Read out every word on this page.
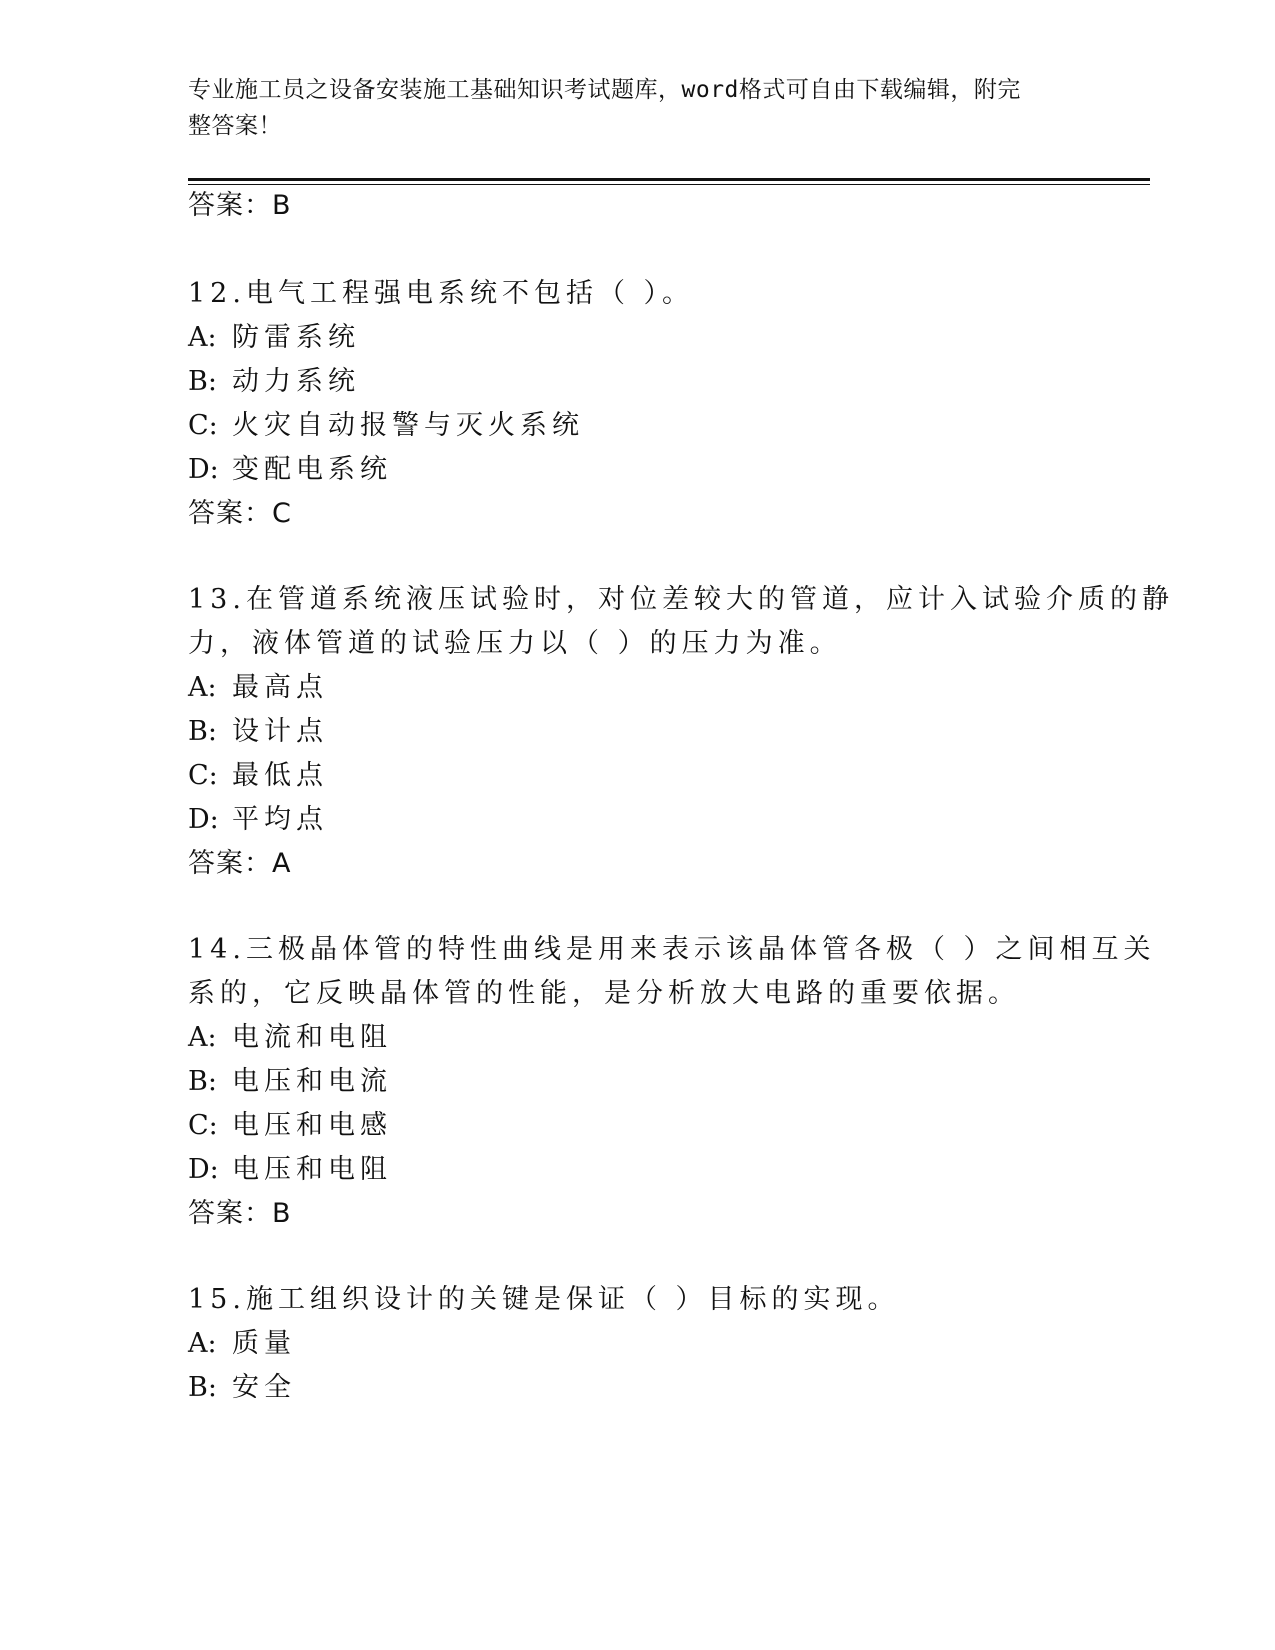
专业施工员之设备安装施工基础知识考试题库，word格式可自由下载编辑，附完
整答案！
答案：B
12.电气工程强电系统不包括（ ）。
A: 防雷系统
B: 动力系统
C: 火灾自动报警与灭火系统
D: 变配电系统
答案：C
13.在管道系统液压试验时，对位差较大的管道，应计入试验介质的静
力，液体管道的试验压力以（ ）的压力为准。
A: 最高点
B: 设计点
C: 最低点
D: 平均点
答案：A
14.三极晶体管的特性曲线是用来表示该晶体管各极（ ）之间相互关
系的，它反映晶体管的性能，是分析放大电路的重要依据。
A: 电流和电阻
B: 电压和电流
C: 电压和电感
D: 电压和电阻
答案：B
15.施工组织设计的关键是保证（ ）目标的实现。
A: 质量
B: 安全
